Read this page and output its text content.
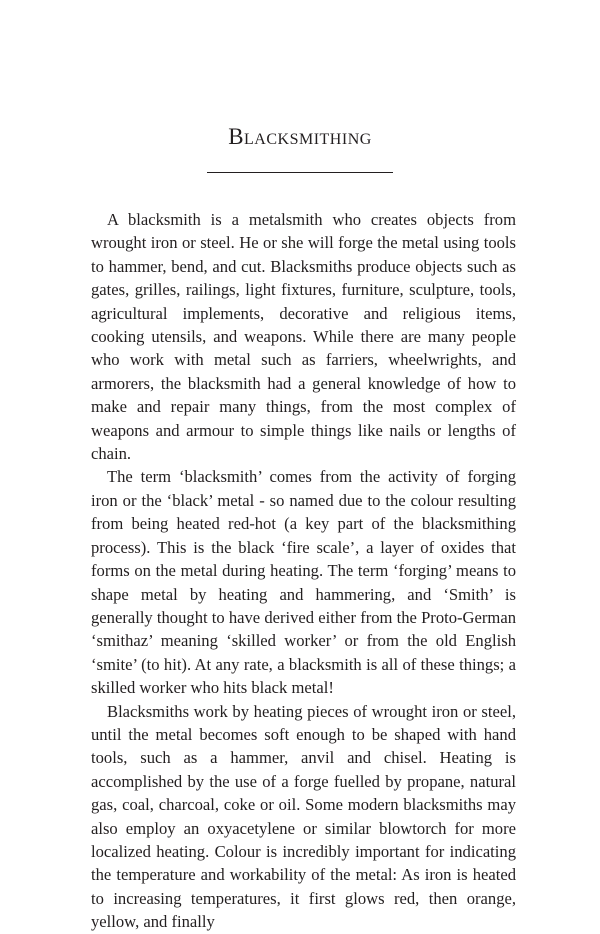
Blacksmithing

A blacksmith is a metalsmith who creates objects from wrought iron or steel. He or she will forge the metal using tools to hammer, bend, and cut. Blacksmiths produce objects such as gates, grilles, railings, light fixtures, furniture, sculpture, tools, agricultural implements, decorative and religious items, cooking utensils, and weapons. While there are many people who work with metal such as farriers, wheelwrights, and armorers, the blacksmith had a general knowledge of how to make and repair many things, from the most complex of weapons and armour to simple things like nails or lengths of chain.

The term ‘blacksmith’ comes from the activity of forging iron or the ‘black’ metal - so named due to the colour resulting from being heated red-hot (a key part of the blacksmithing process). This is the black ‘fire scale’, a layer of oxides that forms on the metal during heating. The term ‘forging’ means to shape metal by heating and hammering, and ‘Smith’ is generally thought to have derived either from the Proto-German ‘smithaz’ meaning ‘skilled worker’ or from the old English ‘smite’ (to hit). At any rate, a blacksmith is all of these things; a skilled worker who hits black metal!

Blacksmiths work by heating pieces of wrought iron or steel, until the metal becomes soft enough to be shaped with hand tools, such as a hammer, anvil and chisel. Heating is accomplished by the use of a forge fuelled by propane, natural gas, coal, charcoal, coke or oil. Some modern blacksmiths may also employ an oxyacetylene or similar blowtorch for more localized heating. Colour is incredibly important for indicating the temperature and workability of the metal: As iron is heated to increasing temperatures, it first glows red, then orange, yellow, and finally
